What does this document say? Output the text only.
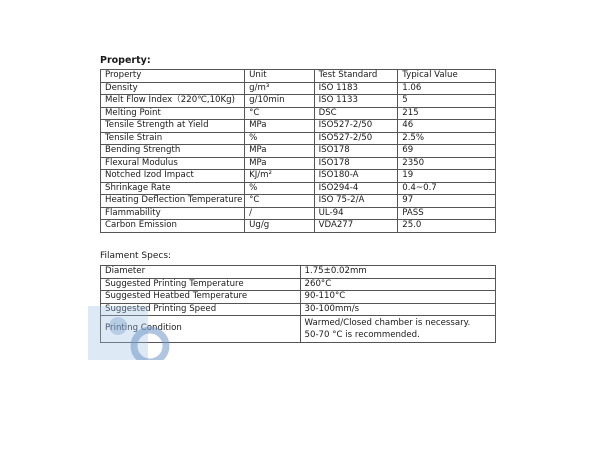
Property:

Property	Unit	Test Standard	Typical Value
Density	g/m³	ISO 1183	1.06
Melt Flow Index（220℃,10Kg)	g/10min	ISO 1133	5
Melting Point	°C	DSC	215
Tensile Strength at Yield	MPa	ISO527-2/50	46
Tensile Strain	%	ISO527-2/50	2.5%
Bending Strength	MPa	ISO178	69
Flexural Modulus	MPa	ISO178	2350
Notched Izod Impact	KJ/m²	ISO180-A	19
Shrinkage Rate	%	ISO294-4	0.4~0.7
Heating Deflection Temperature	°C	ISO 75-2/A	97
Flammability	/	UL-94	PASS
Carbon Emission	Ug/g	VDA277	25.0

Filament Specs:

Diameter	1.75±0.02mm
Suggested Printing Temperature	260°C
Suggested Heatbed Temperature	90-110°C
Suggested Printing Speed	30-100mm/s
Printing Condition	Warmed/Closed chamber is necessary.
50-70 °C is recommended.
